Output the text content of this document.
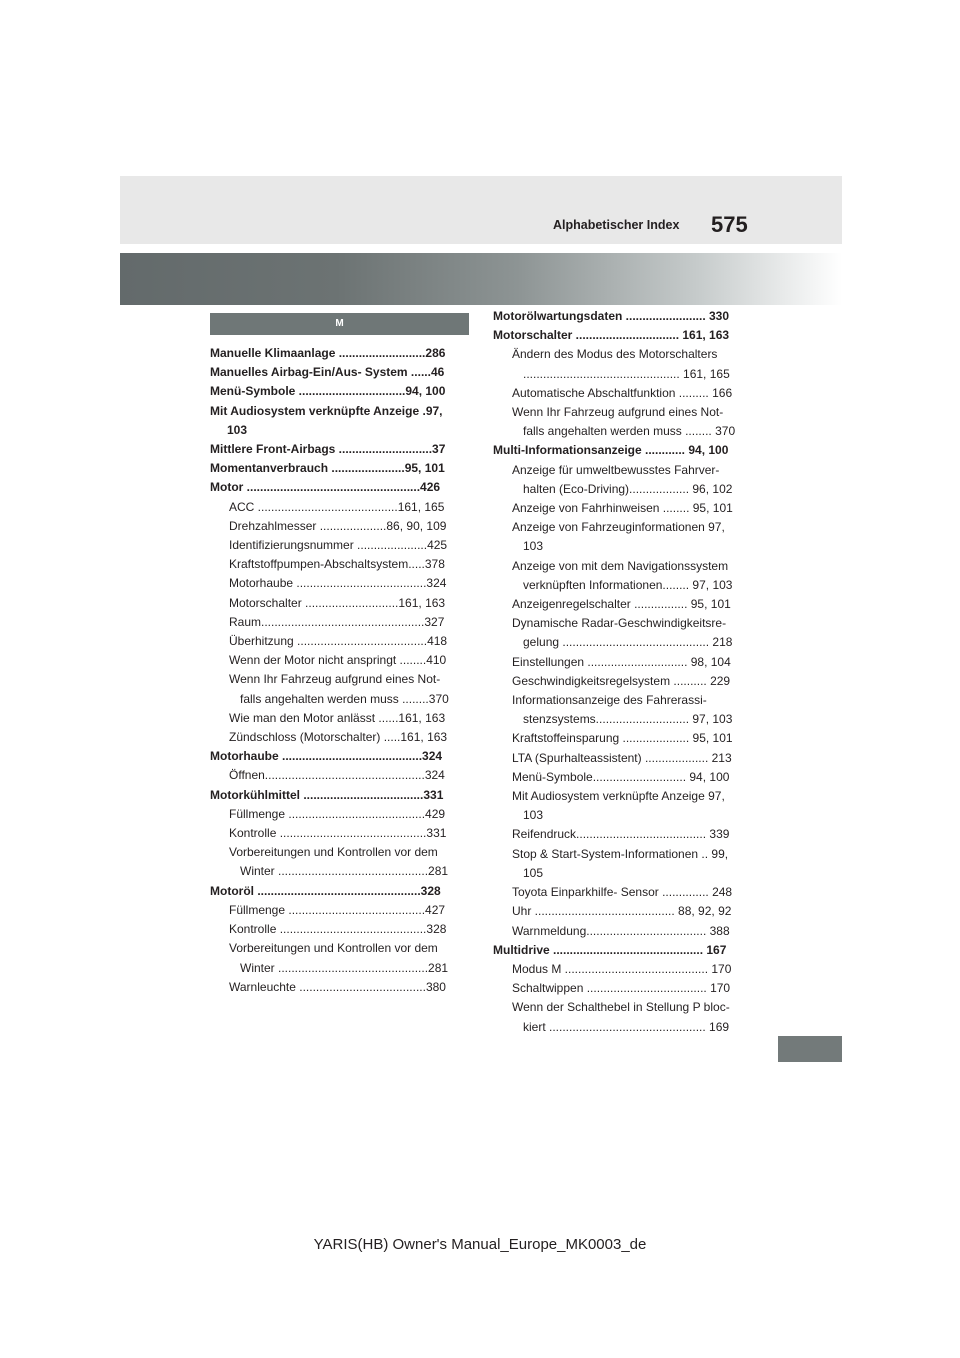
Alphabetischer Index 575
M
Manuelle Klimaanlage ..........................286
Manuelles Airbag-Ein/Aus- System ......46
Menü-Symbole ................................94, 100
Mit Audiosystem verknüpfte Anzeige .97,
103
Mittlere Front-Airbags ............................37
Momentanverbrauch ......................95, 101
Motor ....................................................426
ACC ..........................................161, 165
Drehzahlmesser ....................86, 90, 109
Identifizierungsnummer .....................425
Kraftstoffpumpen-Abschaltsystem.....378
Motorhaube .......................................324
Motorschalter ............................161, 163
Raum.................................................327
Überhitzung .......................................418
Wenn der Motor nicht anspringt ........410
Wenn Ihr Fahrzeug aufgrund eines Not-
falls angehalten werden muss ........370
Wie man den Motor anlässt ......161, 163
Zündschloss (Motorschalter) .....161, 163
Motorhaube ..........................................324
Öffnen................................................324
Motorkühlmittel ....................................331
Füllmenge .........................................429
Kontrolle ............................................331
Vorbereitungen und Kontrollen vor dem
Winter .............................................281
Motoröl .................................................328
Füllmenge .........................................427
Kontrolle ............................................328
Vorbereitungen und Kontrollen vor dem
Winter .............................................281
Warnleuchte ......................................380
Motorölwartungsdaten ........................ 330
Motorschalter ............................... 161, 163
Ändern des Modus des Motorschalters
............................................... 161, 165
Automatische Abschaltfunktion ......... 166
Wenn Ihr Fahrzeug aufgrund eines Not-
falls angehalten werden muss ........ 370
Multi-Informationsanzeige ............ 94, 100
Anzeige für umweltbewusstes Fahrver-
halten (Eco-Driving).................. 96, 102
Anzeige von Fahrhinweisen ........ 95, 101
Anzeige von Fahrzeuginformationen 97,
103
Anzeige von mit dem Navigationssystem
verknüpften Informationen........ 97, 103
Anzeigenregelschalter ................ 95, 101
Dynamische Radar-Geschwindigkeitsre-
gelung ............................................ 218
Einstellungen .............................. 98, 104
Geschwindigkeitsregelsystem .......... 229
Informationsanzeige des Fahrerassi-
stenzsystems............................ 97, 103
Kraftstoffeinsparung .................... 95, 101
LTA (Spurhalteassistent) ................... 213
Menü-Symbole............................ 94, 100
Mit Audiosystem verknüpfte Anzeige 97,
103
Reifendruck....................................... 339
Stop & Start-System-Informationen .. 99,
105
Toyota Einparkhilfe- Sensor .............. 248
Uhr .......................................... 88, 92, 92
Warnmeldung.................................... 388
Multidrive ............................................. 167
Modus M ........................................... 170
Schaltwippen .................................... 170
Wenn der Schalthebel in Stellung P bloc-
kiert ............................................... 169
YARIS(HB) Owner's Manual_Europe_MK0003_de
